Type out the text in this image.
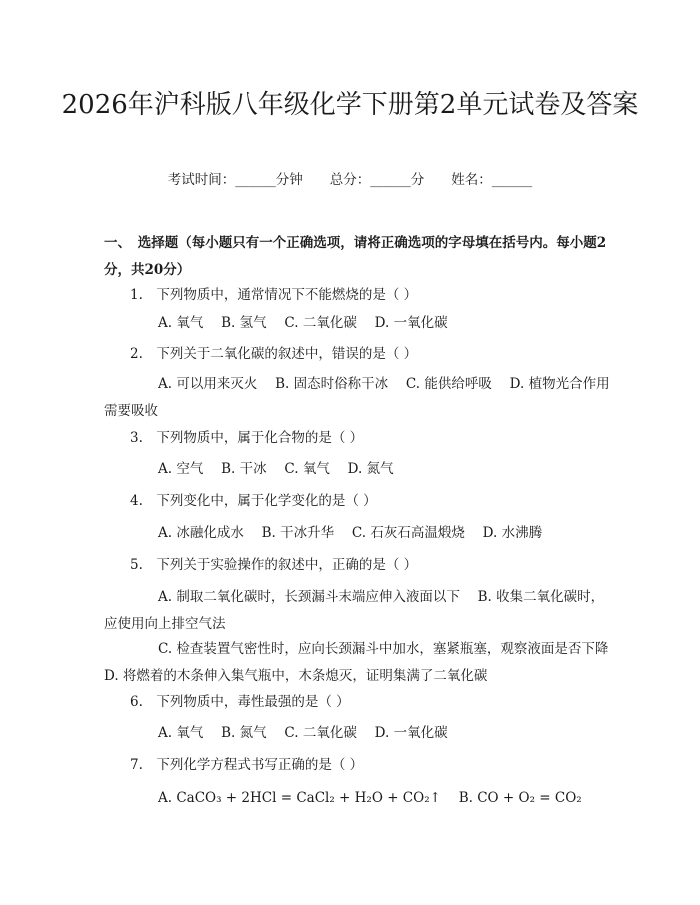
2026年沪科版八年级化学下册第2单元试卷及答案
考试时间：______分钟　　总分：______分　　姓名：______
一、　选择题（每小题只有一个正确选项，请将正确选项的字母填在括号内。每小题2分，共20分）
1.　下列物质中，通常情况下不能燃烧的是（ ）
A. 氧气　 B. 氢气　 C. 二氧化碳　 D. 一氧化碳
2.　下列关于二氧化碳的叙述中，错误的是（ ）
A. 可以用来灭火　 B. 固态时俗称干冰　 C. 能供给呼吸　 D. 植物光合作用需要吸收
3.　下列物质中，属于化合物的是（ ）
A. 空气　 B. 干冰　 C. 氧气　 D. 氮气
4.　下列变化中，属于化学变化的是（ ）
A. 冰融化成水　 B. 干冰升华　 C. 石灰石高温煅烧　 D. 水沸腾
5.　下列关于实验操作的叙述中，正确的是（ ）
A. 制取二氧化碳时，长颈漏斗末端应伸入液面以下　 B. 收集二氧化碳时，应使用向上排空气法
C. 检查装置气密性时，应向长颈漏斗中加水，塞紧瓶塞，观察液面是否下降　 D. 将燃着的木条伸入集气瓶中，木条熄灭，证明集满了二氧化碳
6.　下列物质中，毒性最强的是（ ）
A. 氧气　 B. 氮气　 C. 二氧化碳　 D. 一氧化碳
7.　下列化学方程式书写正确的是（ ）
A. CaCO₃ + 2HCl = CaCl₂ + H₂O + CO₂↑　 B. CO + O₂ = CO₂
